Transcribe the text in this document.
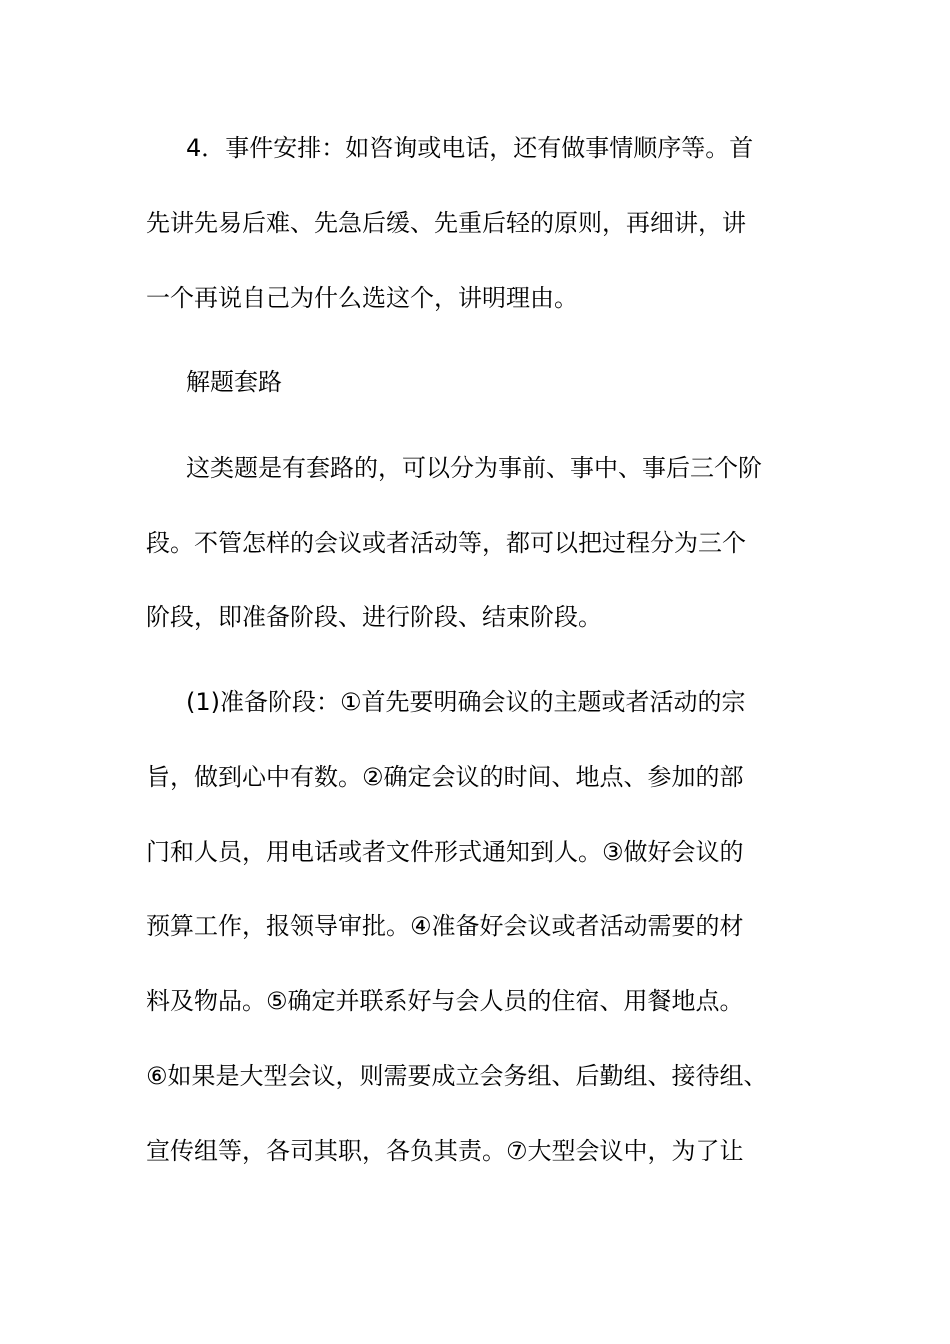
4．事件安排：如咨询或电话，还有做事情顺序等。首
先讲先易后难、先急后缓、先重后轻的原则，再细讲，讲
一个再说自己为什么选这个，讲明理由。
解题套路
这类题是有套路的，可以分为事前、事中、事后三个阶
段。不管怎样的会议或者活动等，都可以把过程分为三个
阶段，即准备阶段、进行阶段、结束阶段。
(1)准备阶段：①首先要明确会议的主题或者活动的宗
旨，做到心中有数。②确定会议的时间、地点、参加的部
门和人员，用电话或者文件形式通知到人。③做好会议的
预算工作，报领导审批。④准备好会议或者活动需要的材
料及物品。⑤确定并联系好与会人员的住宿、用餐地点。
⑥如果是大型会议，则需要成立会务组、后勤组、接待组、
宣传组等，各司其职，各负其责。⑦大型会议中，为了让
